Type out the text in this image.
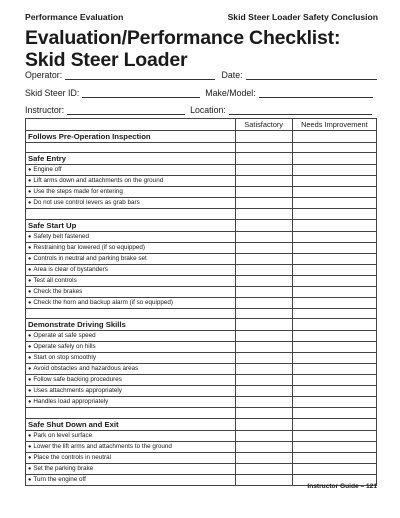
Performance Evaluation	Skid Steer Loader Safety Conclusion
Evaluation/Performance Checklist:
Skid Steer Loader
Operator:	Date:
Skid Steer ID:	Make/Model:
Instructor:	Location:
	Satisfactory	Needs Improvement
Follows Pre-Operation Inspection		

Safe Entry		
● Engine off		
● Lift arms down and attachments on the ground		
● Use the steps made for entering		
● Do not use control levers as grab bars		

Safe Start Up		
● Safety belt fastened		
● Restraining bar lowered (if so equipped)		
● Controls in neutral and parking brake set		
● Area is clear of bystanders		
● Test all controls		
● Check the brakes		
● Check the horn and backup alarm (if so equipped)		

Demonstrate Driving Skills		
● Operate at safe speed		
● Operate safely on hills		
● Start on stop smoothly		
● Avoid obstacles and hazardous areas		
● Follow safe backing procedures		
● Uses attachments appropriately		
● Handles load appropriately		

Safe Shut Down and Exit		
● Park on level surface		
● Lower the lift arms and attachments to the ground		
● Place the controls in neutral		
● Set the parking brake		
● Turn the engine off		
Instructor Guide – 121
